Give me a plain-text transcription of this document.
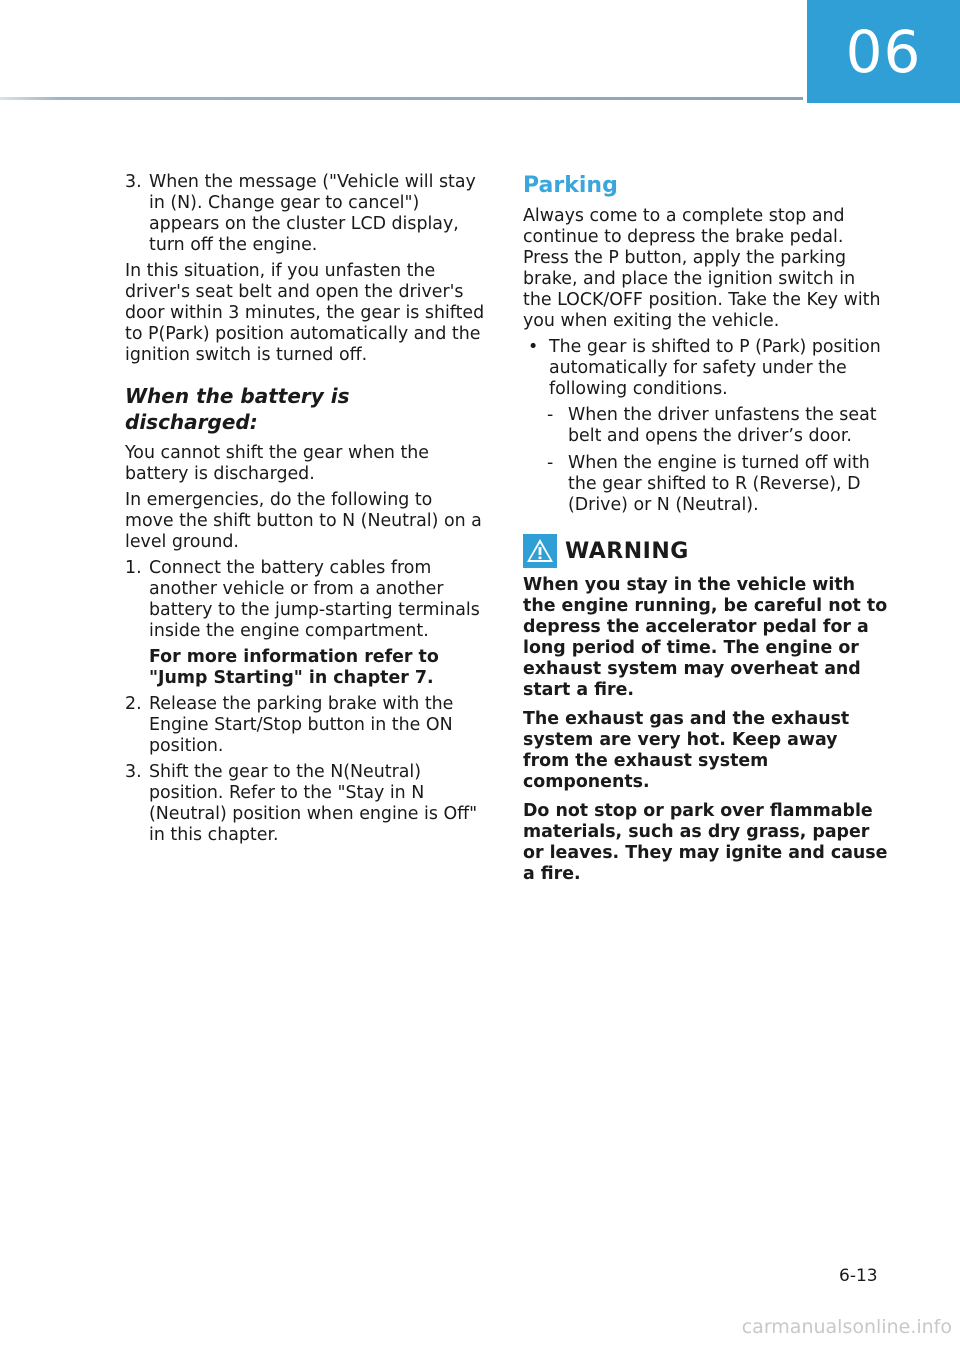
06
3. When the message ("Vehicle will stay in (N). Change gear to cancel") appears on the cluster LCD display, turn off the engine.

In this situation, if you unfasten the driver's seat belt and open the driver's door within 3 minutes, the gear is shifted to P(Park) position automatically and the ignition switch is turned off.

When the battery is discharged:

You cannot shift the gear when the battery is discharged.

In emergencies, do the following to move the shift button to N (Neutral) on a level ground.

1. Connect the battery cables from another vehicle or from a another battery to the jump-starting terminals inside the engine compartment.
For more information refer to "Jump Starting" in chapter 7.
2. Release the parking brake with the Engine Start/Stop button in the ON position.
3. Shift the gear to the N(Neutral) position. Refer to the "Stay in N (Neutral) position when engine is Off" in this chapter.
Parking

Always come to a complete stop and continue to depress the brake pedal. Press the P button, apply the parking brake, and place the ignition switch in the LOCK/OFF position. Take the Key with you when exiting the vehicle.

• The gear is shifted to P (Park) position automatically for safety under the following conditions.
- When the driver unfastens the seat belt and opens the driver’s door.
- When the engine is turned off with the gear shifted to R (Reverse), D (Drive) or N (Neutral).
WARNING

When you stay in the vehicle with the engine running, be careful not to depress the accelerator pedal for a long period of time. The engine or exhaust system may overheat and start a fire.

The exhaust gas and the exhaust system are very hot. Keep away from the exhaust system components.

Do not stop or park over flammable materials, such as dry grass, paper or leaves. They may ignite and cause a fire.

6-13
carmanualsonline.info
